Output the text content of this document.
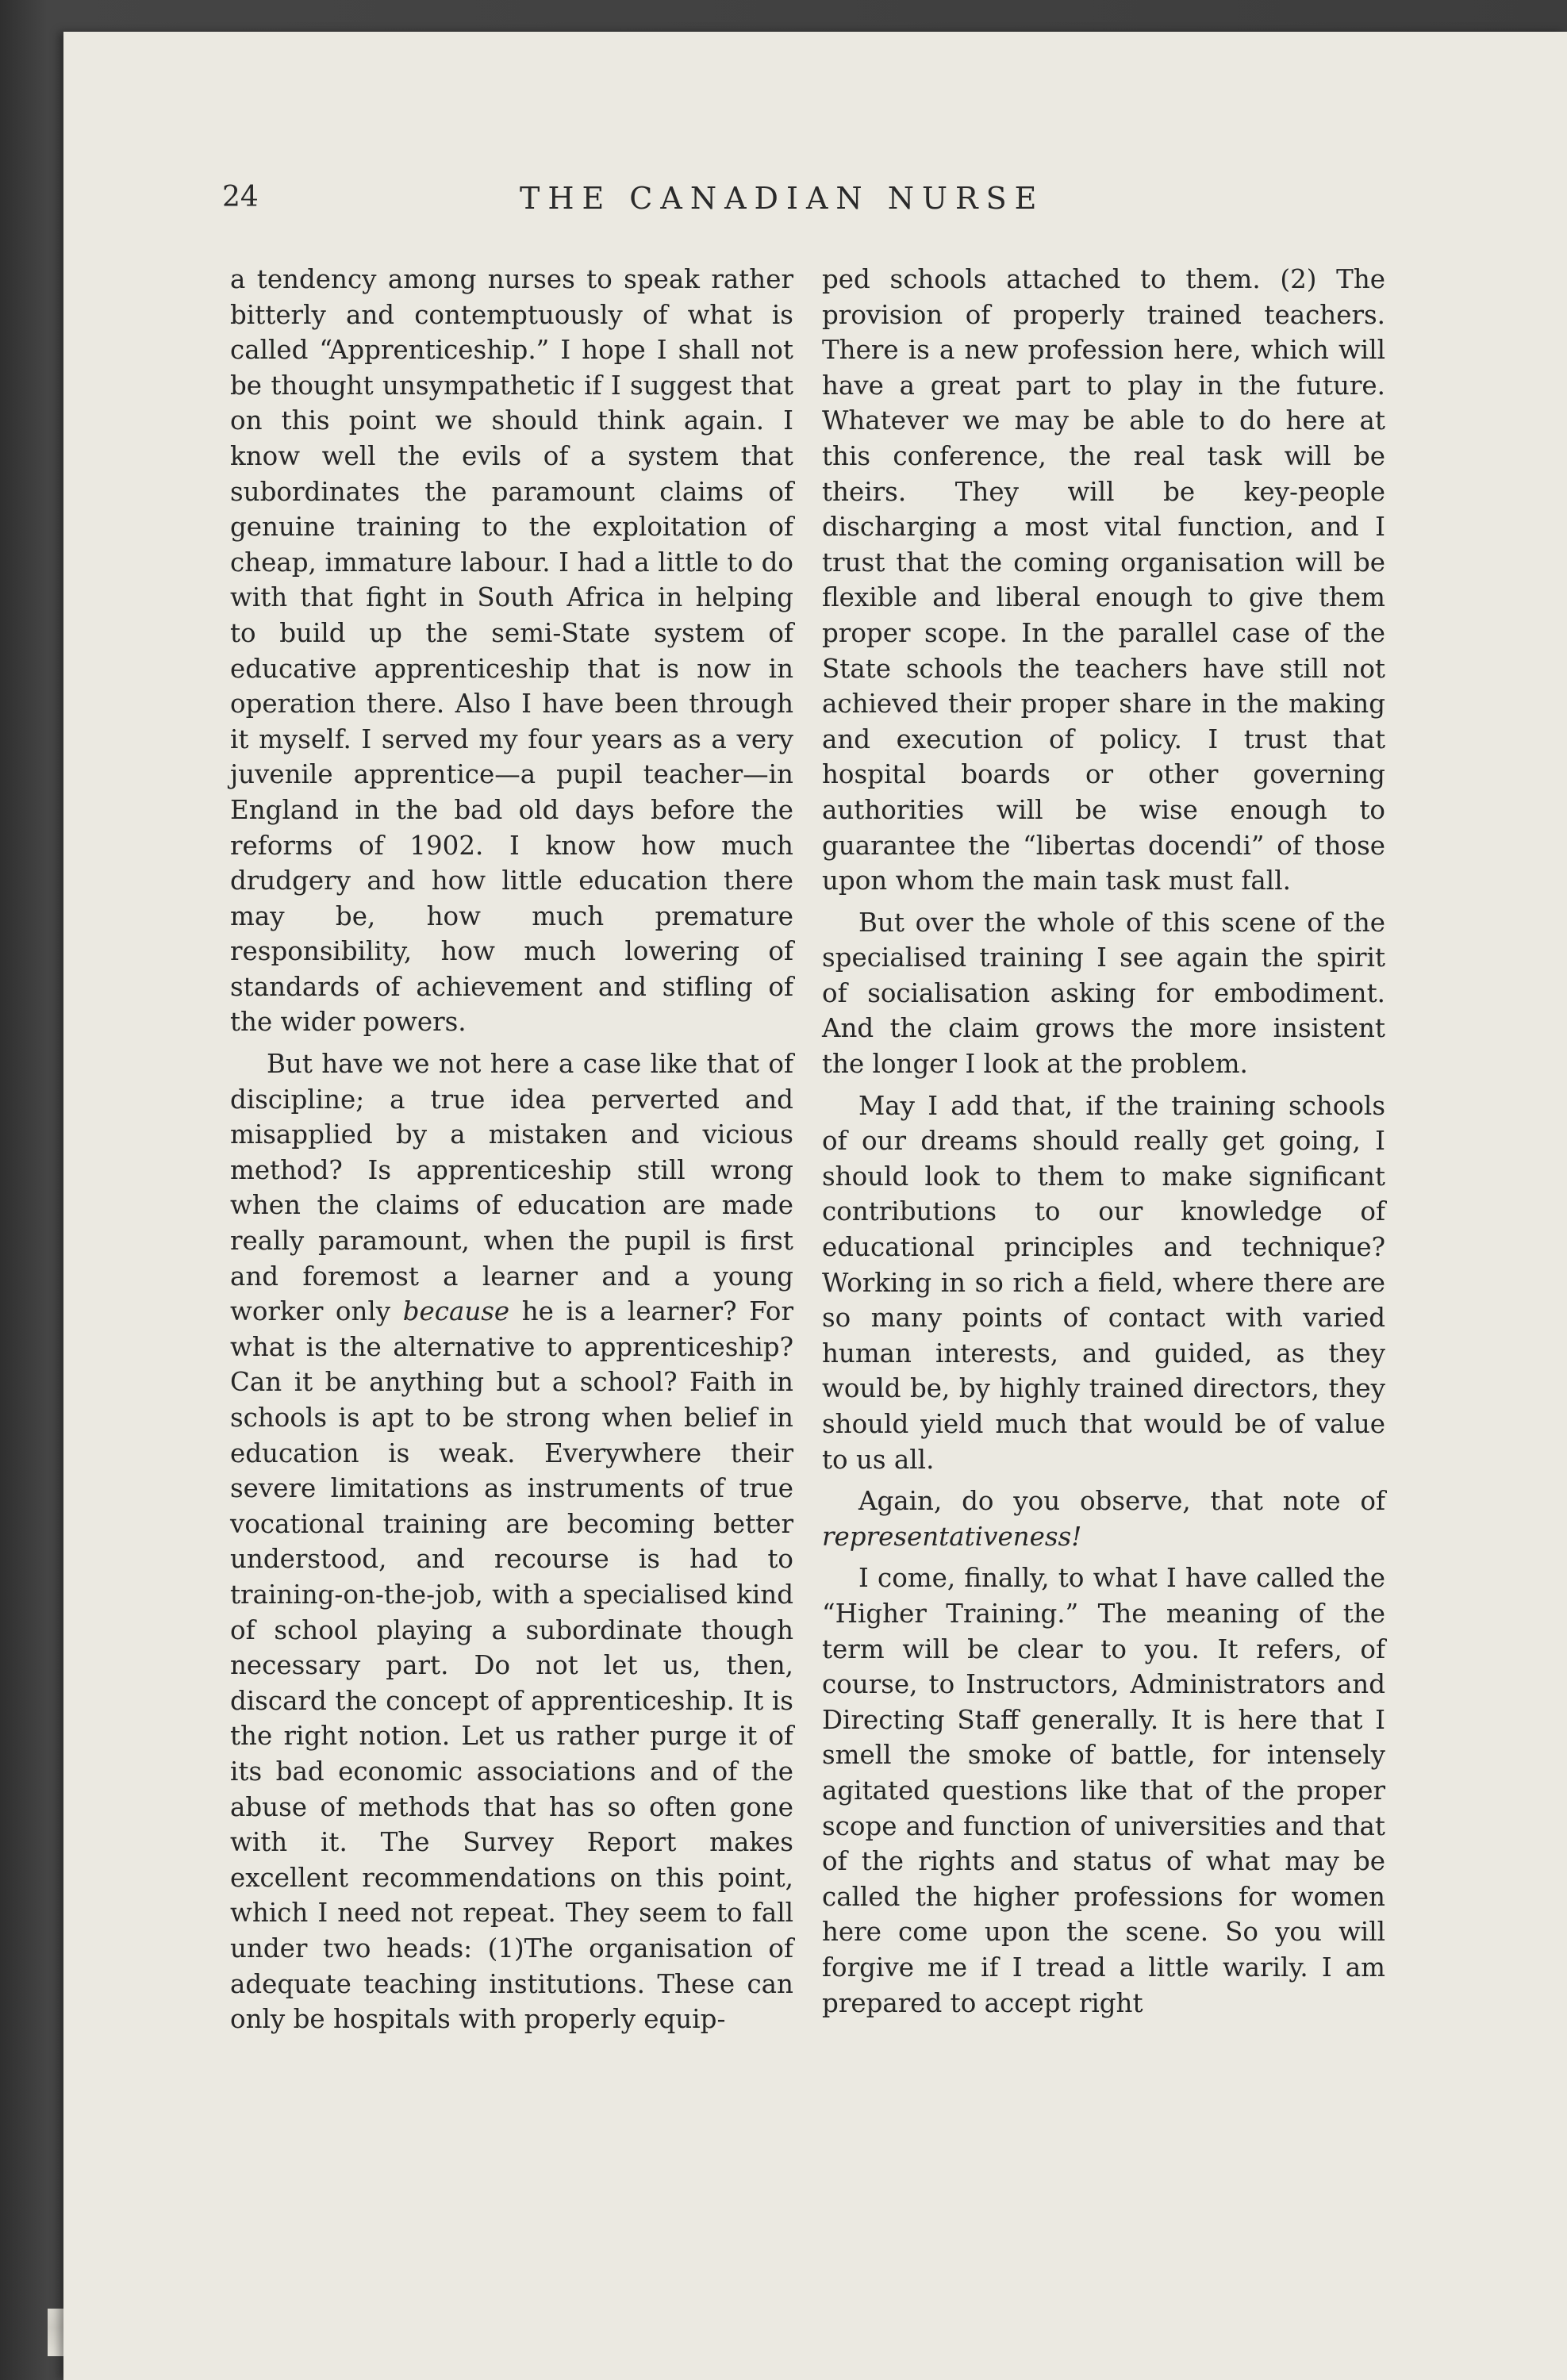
24	THE CANADIAN NURSE

a tendency among nurses to speak rather bitterly and contemptuously of what is called “Apprenticeship.” I hope I shall not be thought unsympathetic if I suggest that on this point we should think again. I know well the evils of a system that subordinates the paramount claims of genuine training to the exploitation of cheap, immature labour. I had a little to do with that fight in South Africa in helping to build up the semi-State system of educative apprenticeship that is now in operation there. Also I have been through it myself. I served my four years as a very juvenile apprentice—a pupil teacher—in England in the bad old days before the reforms of 1902. I know how much drudgery and how little education there may be, how much premature responsibility, how much lowering of standards of achievement and stifling of the wider powers.

But have we not here a case like that of discipline; a true idea perverted and misapplied by a mistaken and vicious method? Is apprenticeship still wrong when the claims of education are made really paramount, when the pupil is first and foremost a learner and a young worker only because he is a learner? For what is the alternative to apprenticeship? Can it be anything but a school? Faith in schools is apt to be strong when belief in education is weak. Everywhere their severe limitations as instruments of true vocational training are becoming better understood, and recourse is had to training-on-the-job, with a specialised kind of school playing a subordinate though necessary part. Do not let us, then, discard the concept of apprenticeship. It is the right notion. Let us rather purge it of its bad economic associations and of the abuse of methods that has so often gone with it. The Survey Report makes excellent recommendations on this point, which I need not repeat. They seem to fall under two heads: (1)The organisation of adequate teaching institutions. These can only be hospitals with properly equip-

ped schools attached to them. (2) The provision of properly trained teachers. There is a new profession here, which will have a great part to play in the future. Whatever we may be able to do here at this conference, the real task will be theirs. They will be key-people discharging a most vital function, and I trust that the coming organisation will be flexible and liberal enough to give them proper scope. In the parallel case of the State schools the teachers have still not achieved their proper share in the making and execution of policy. I trust that hospital boards or other governing authorities will be wise enough to guarantee the “libertas docendi” of those upon whom the main task must fall.

But over the whole of this scene of the specialised training I see again the spirit of socialisation asking for embodiment. And the claim grows the more insistent the longer I look at the problem.

May I add that, if the training schools of our dreams should really get going, I should look to them to make significant contributions to our knowledge of educational principles and technique? Working in so rich a field, where there are so many points of contact with varied human interests, and guided, as they would be, by highly trained directors, they should yield much that would be of value to us all.

Again, do you observe, that note of representativeness!

I come, finally, to what I have called the “Higher Training.” The meaning of the term will be clear to you. It refers, of course, to Instructors, Administrators and Directing Staff generally. It is here that I smell the smoke of battle, for intensely agitated questions like that of the proper scope and function of universities and that of the rights and status of what may be called the higher professions for women here come upon the scene. So you will forgive me if I tread a little warily. I am prepared to accept right
